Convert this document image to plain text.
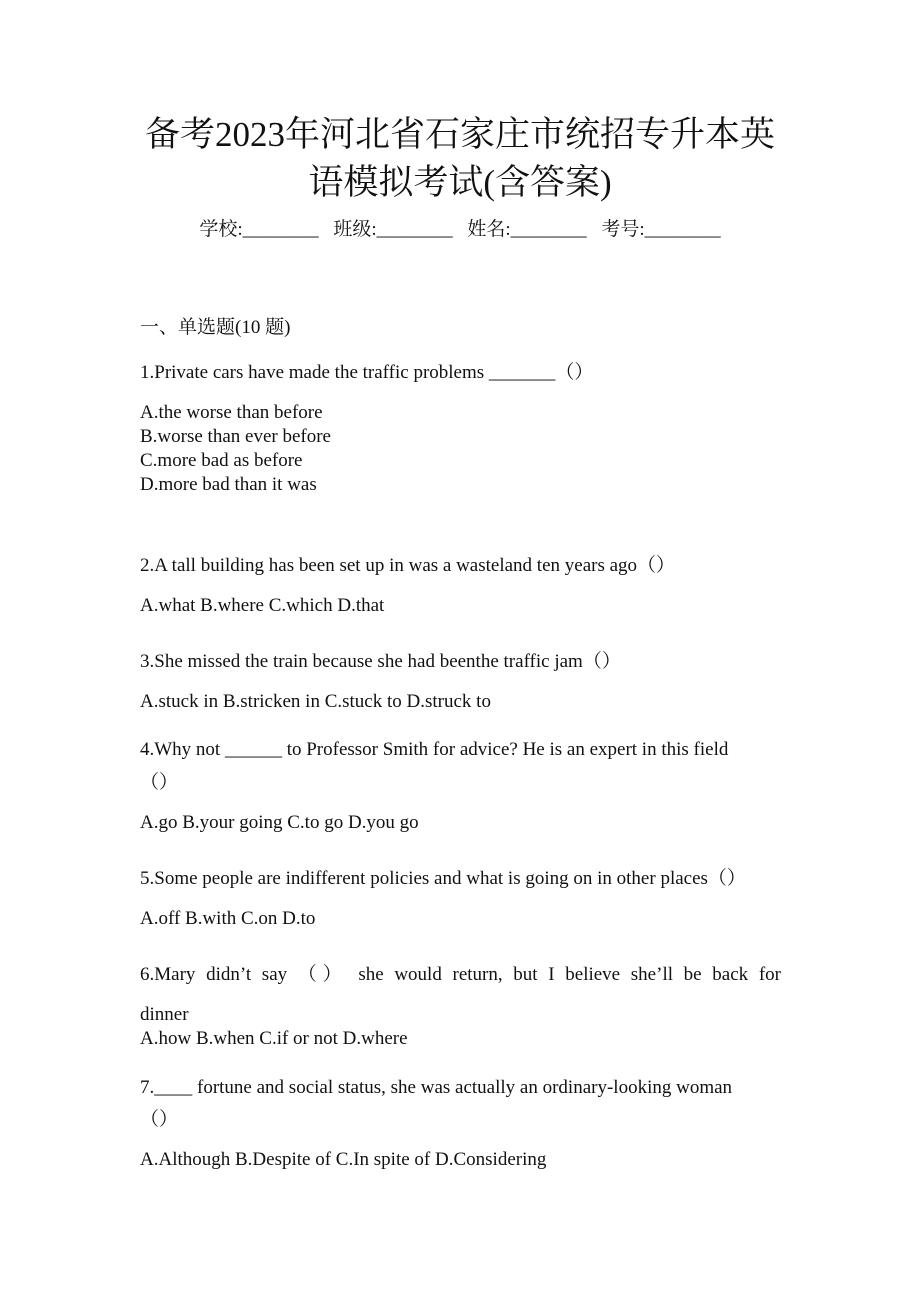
备考2023年河北省石家庄市统招专升本英
语模拟考试(含答案)
学校:________ 班级:________ 姓名:________ 考号:________
一、单选题(10 题)
1.Private cars have made the traffic problems _______（）
A.the worse than before
B.worse than ever before
C.more bad as before
D.more bad than it was
2.A tall building has been set up in was a wasteland ten years ago（）
A.what B.where C.which D.that
3.She missed the train because she had beenthe traffic jam（）
A.stuck in B.stricken in C.stuck to D.struck to
4.Why not ______ to Professor Smith for advice? He is an expert in this field
（）
A.go B.your going C.to go D.you go
5.Some people are indifferent policies and what is going on in other places（）
A.off B.with C.on D.to
6.Mary didn’t say （） she would return, but I believe she’ll be back for
dinner
A.how B.when C.if or not D.where
7.____ fortune and social status, she was actually an ordinary-looking woman
（）
A.Although B.Despite of C.In spite of D.Considering
